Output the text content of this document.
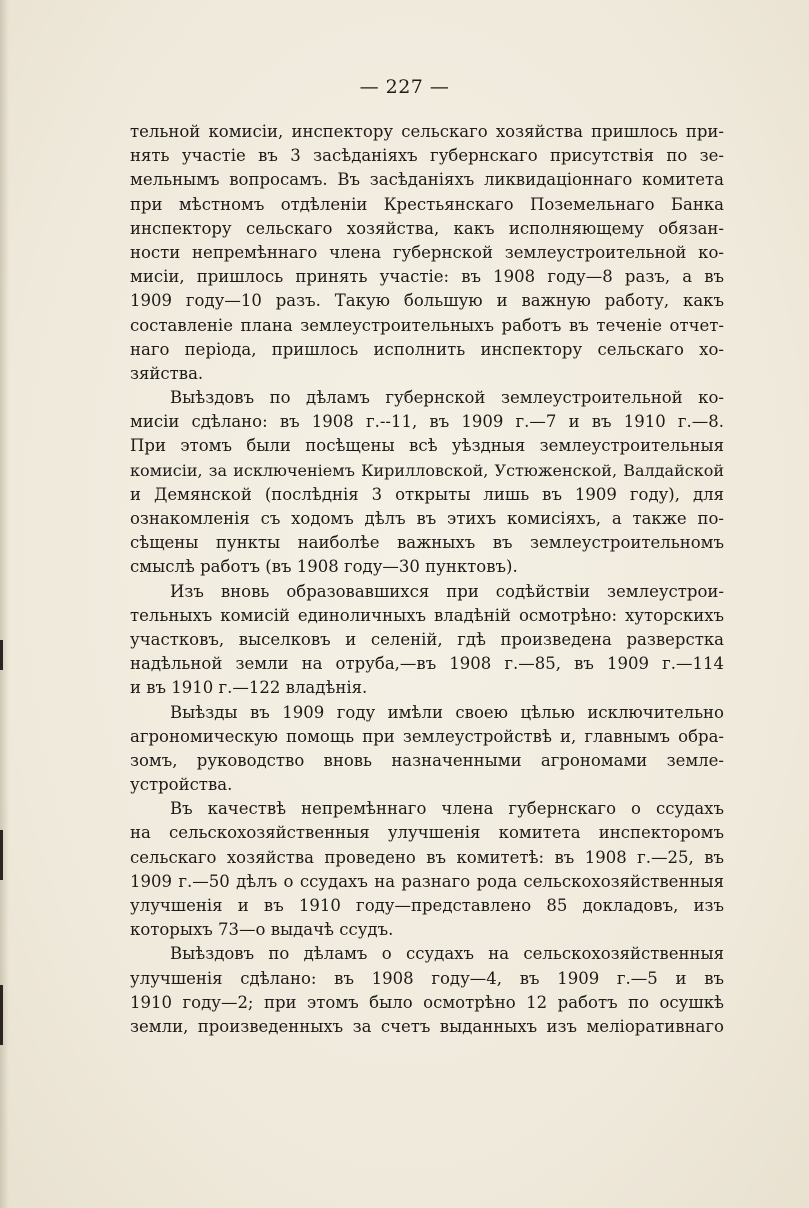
— 227 —
тельной комисіи, инспектору сельскаго хозяйства пришлось при-
нять участіе въ 3 засѣданіяхъ губернскаго присутствія по зе-
мельнымъ вопросамъ. Въ засѣданіяхъ ликвидаціоннаго комитета
при мѣстномъ отдѣленіи Крестьянскаго Поземельнаго Банка
инспектору сельскаго хозяйства, какъ исполняющему обязан-
ности непремѣннаго члена губернской землеустроительной ко-
мисіи, пришлось принять участіе: въ 1908 году—8 разъ, а въ
1909 году—10 разъ. Такую большую и важную работу, какъ
составленіе плана землеустроительныхъ работъ въ теченіе отчет-
наго періода, пришлось исполнить инспектору сельскаго хо-
зяйства.
Выѣздовъ по дѣламъ губернской землеустроительной ко-
мисіи сдѣлано: въ 1908 г.--11, въ 1909 г.—7 и въ 1910 г.—8.
При этомъ были посѣщены всѣ уѣздныя землеустроительныя
комисіи, за исключеніемъ Кирилловской, Устюженской, Валдайской
и Демянской (послѣднія 3 открыты лишь въ 1909 году), для
ознакомленія съ ходомъ дѣлъ въ этихъ комисіяхъ, а также по-
сѣщены пункты наиболѣе важныхъ въ землеустроительномъ
смыслѣ работъ (въ 1908 году—30 пунктовъ).
Изъ вновь образовавшихся при содѣйствіи землеустрои-
тельныхъ комисій единоличныхъ владѣній осмотрѣно: хуторскихъ
участковъ, выселковъ и селеній, гдѣ произведена разверстка
надѣльной земли на отруба,—въ 1908 г.—85, въ 1909 г.—114
и въ 1910 г.—122 владѣнія.
Выѣзды въ 1909 году имѣли своею цѣлью исключительно
агрономическую помощь при землеустройствѣ и, главнымъ обра-
зомъ, руководство вновь назначенными агрономами земле-
устройства.
Въ качествѣ непремѣннаго члена губернскаго о ссудахъ
на сельскохозяйственныя улучшенія комитета инспекторомъ
сельскаго хозяйства проведено въ комитетѣ: въ 1908 г.—25, въ
1909 г.—50 дѣлъ о ссудахъ на разнаго рода сельскохозяйственныя
улучшенія и въ 1910 году—представлено 85 докладовъ, изъ
которыхъ 73—о выдачѣ ссудъ.
Выѣздовъ по дѣламъ о ссудахъ на сельскохозяйственныя
улучшенія сдѣлано: въ 1908 году—4, въ 1909 г.—5 и въ
1910 году—2; при этомъ было осмотрѣно 12 работъ по осушкѣ
земли, произведенныхъ за счетъ выданныхъ изъ меліоративнаго
